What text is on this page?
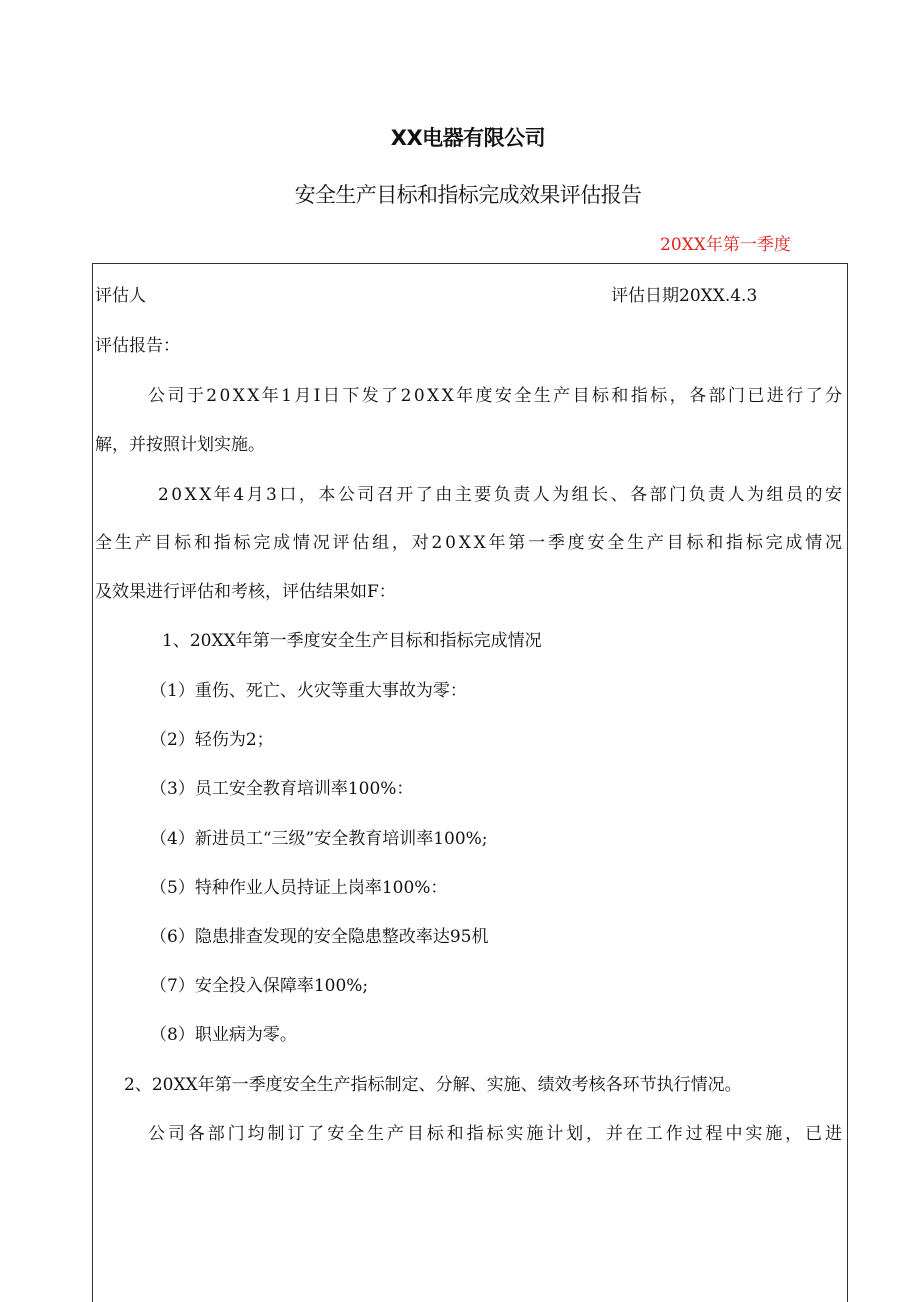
XX电器有限公司
安全生产目标和指标完成效果评估报告
20XX年第一季度
评估人	评估日期20XX.4.3
评估报告：
公司于20XX年1月I日下发了20XX年度安全生产目标和指标，各部门已进行了分
解，并按照计划实施。
20XX年4月3口，本公司召开了由主要负责人为组长、各部门负责人为组员的安
全生产目标和指标完成情况评估组，对20XX年第一季度安全生产目标和指标完成情况
及效果进行评估和考核，评估结果如F：
1、20XX年第一季度安全生产目标和指标完成情况
（1）重伤、死亡、火灾等重大事故为零：
（2）轻伤为2；
（3）员工安全教育培训率100%：
（4）新进员工“三级”安全教育培训率100%;
（5）特种作业人员持证上岗率100%：
（6）隐患排查发现的安全隐患整改率达95机
（7）安全投入保障率100%;
（8）职业病为零。
2、20XX年第一季度安全生产指标制定、分解、实施、绩效考核各环节执行情况。
公司各部门均制订了安全生产目标和指标实施计划，并在工作过程中实施，已进
